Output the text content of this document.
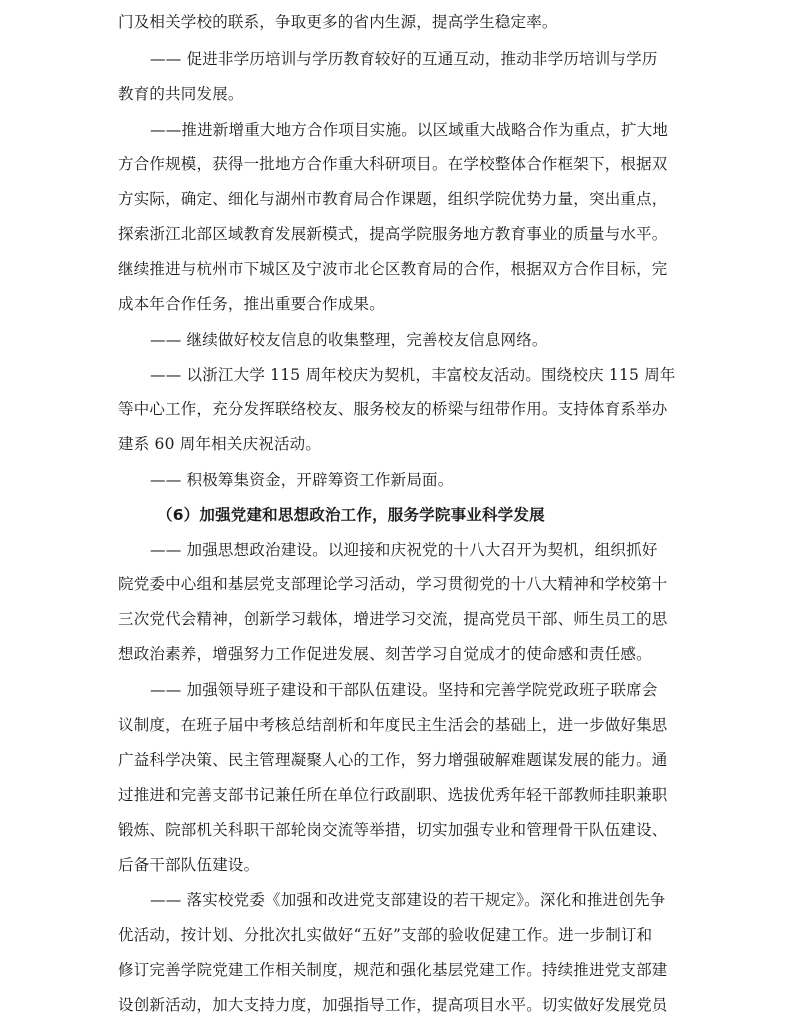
门及相关学校的联系，争取更多的省内生源，提高学生稳定率。
—— 促进非学历培训与学历教育较好的互通互动，推动非学历培训与学历
教育的共同发展。
——推进新增重大地方合作项目实施。以区域重大战略合作为重点，扩大地
方合作规模，获得一批地方合作重大科研项目。在学校整体合作框架下，根据双
方实际，确定、细化与湖州市教育局合作课题，组织学院优势力量，突出重点，
探索浙江北部区域教育发展新模式，提高学院服务地方教育事业的质量与水平。
继续推进与杭州市下城区及宁波市北仑区教育局的合作，根据双方合作目标，完
成本年合作任务，推出重要合作成果。
—— 继续做好校友信息的收集整理，完善校友信息网络。
—— 以浙江大学 115 周年校庆为契机，丰富校友活动。围绕校庆 115 周年
等中心工作，充分发挥联络校友、服务校友的桥梁与纽带作用。支持体育系举办
建系 60 周年相关庆祝活动。
—— 积极筹集资金，开辟筹资工作新局面。
（6）加强党建和思想政治工作，服务学院事业科学发展
—— 加强思想政治建设。以迎接和庆祝党的十八大召开为契机，组织抓好
院党委中心组和基层党支部理论学习活动，学习贯彻党的十八大精神和学校第十
三次党代会精神，创新学习载体，增进学习交流，提高党员干部、师生员工的思
想政治素养，增强努力工作促进发展、刻苦学习自觉成才的使命感和责任感。
—— 加强领导班子建设和干部队伍建设。坚持和完善学院党政班子联席会
议制度，在班子届中考核总结剖析和年度民主生活会的基础上，进一步做好集思
广益科学决策、民主管理凝聚人心的工作，努力增强破解难题谋发展的能力。通
过推进和完善支部书记兼任所在单位行政副职、选拔优秀年轻干部教师挂职兼职
锻炼、院部机关科职干部轮岗交流等举措，切实加强专业和管理骨干队伍建设、
后备干部队伍建设。
—— 落实校党委《加强和改进党支部建设的若干规定》。深化和推进创先争
优活动，按计划、分批次扎实做好“五好”支部的验收促建工作。进一步制订和
修订完善学院党建工作相关制度，规范和强化基层党建工作。持续推进党支部建
设创新活动，加大支持力度，加强指导工作，提高项目水平。切实做好发展党员
